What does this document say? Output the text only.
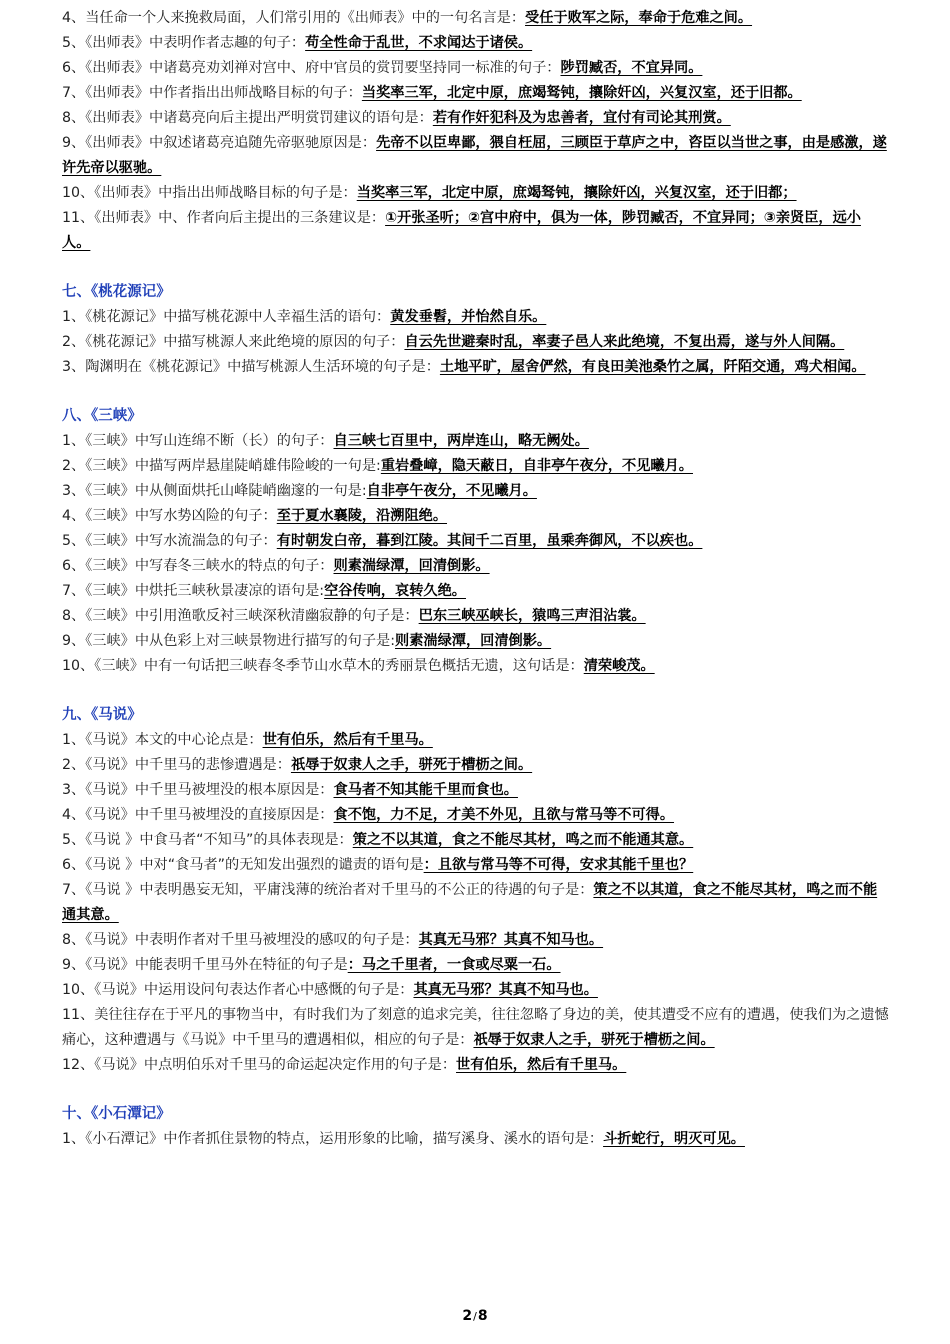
4、当任命一个人来挽救局面，人们常引用的《出师表》中的一句名言是：受任于败军之际，奉命于危难之间。
5、《出师表》中表明作者志趣的句子：苟全性命于乱世，不求闻达于诸侯。
6、《出师表》中诸葛亮劝刘禅对宫中、府中官员的赏罚要坚持同一标准的句子：陟罚臧否，不宜异同。
7、《出师表》中作者指出出师战略目标的句子：当奖率三军，北定中原，庶竭驽钝，攘除奸凶，兴复汉室，还于旧都。
8、《出师表》中诸葛亮向后主提出严明赏罚建议的语句是：若有作奸犯科及为忠善者，宜付有司论其刑赏。
9、《出师表》中叙述诸葛亮追随先帝驱驰原因是：先帝不以臣卑鄙，猥自枉屈，三顾臣于草庐之中，咨臣以当世之事，由是感激，遂许先帝以驱驰。
10、《出师表》中指出出师战略目标的句子是：当奖率三军，北定中原，庶竭驽钝，攘除奸凶，兴复汉室，还于旧都；
11、《出师表》中、作者向后主提出的三条建议是：①开张圣听；②宫中府中，俱为一体，陟罚臧否，不宜异同；③亲贤臣，远小人。
七、《桃花源记》
1、《桃花源记》中描写桃花源中人幸福生活的语句：黄发垂髫，并怡然自乐。
2、《桃花源记》中描写桃源人来此绝境的原因的句子：自云先世避秦时乱，率妻子邑人来此绝境，不复出焉，遂与外人间隔。
3、陶渊明在《桃花源记》中描写桃源人生活环境的句子是：土地平旷，屋舍俨然，有良田美池桑竹之属，阡陌交通，鸡犬相闻。
八、《三峡》
1、《三峡》中写山连绵不断（长）的句子：自三峡七百里中，两岸连山，略无阙处。
2、《三峡》中描写两岸悬崖陡峭雄伟险峻的一句是:重岩叠嶂，隐天蔽日，自非亭午夜分，不见曦月。
3、《三峡》中从侧面烘托山峰陡峭幽邃的一句是:自非亭午夜分，不见曦月。
4、《三峡》中写水势凶险的句子：至于夏水襄陵，沿溯阻绝。
5、《三峡》中写水流湍急的句子：有时朝发白帝，暮到江陵。其间千二百里，虽乘奔御风，不以疾也。
6、《三峡》中写春冬三峡水的特点的句子：则素湍绿潭，回清倒影。
7、《三峡》中烘托三峡秋景凄凉的语句是:空谷传响，哀转久绝。
8、《三峡》中引用渔歌反衬三峡深秋清幽寂静的句子是：巴东三峡巫峡长，猿鸣三声泪沾裳。
9、《三峡》中从色彩上对三峡景物进行描写的句子是:则素湍绿潭，回清倒影。
10、《三峡》中有一句话把三峡春冬季节山水草木的秀丽景色概括无遗，这句话是：清荣峻茂。
九、《马说》
1、《马说》本文的中心论点是：世有伯乐，然后有千里马。
2、《马说》中千里马的悲惨遭遇是：祇辱于奴隶人之手，骈死于槽枥之间。
3、《马说》中千里马被埋没的根本原因是：食马者不知其能千里而食也。
4、《马说》中千里马被埋没的直接原因是：食不饱，力不足，才美不外见，且欲与常马等不可得。
5、《马说 》中食马者“不知马”的具体表现是：策之不以其道，食之不能尽其材，鸣之而不能通其意。
6、《马说 》中对“食马者”的无知发出强烈的谴责的语句是：且欲与常马等不可得，安求其能千里也？
7、《马说 》中表明愚妄无知，平庸浅薄的统治者对千里马的不公正的待遇的句子是：策之不以其道，食之不能尽其材，鸣之而不能通其意。
8、《马说》中表明作者对千里马被埋没的感叹的句子是：其真无马邪？其真不知马也。
9、《马说》中能表明千里马外在特征的句子是：马之千里者，一食或尽粟一石。
10、《马说》中运用设问句表达作者心中感慨的句子是：其真无马邪？其真不知马也。
11、美往往存在于平凡的事物当中，有时我们为了刻意的追求完美，往往忽略了身边的美，使其遭受不应有的遭遇，使我们为之遗憾痛心，这种遭遇与《马说》中千里马的遭遇相似，相应的句子是：祇辱于奴隶人之手，骈死于槽枥之间。
12、《马说》中点明伯乐对千里马的命运起决定作用的句子是：世有伯乐，然后有千里马。
十、《小石潭记》
1、《小石潭记》中作者抓住景物的特点，运用形象的比喻，描写溪身、溪水的语句是：斗折蛇行，明灭可见。
2/8
